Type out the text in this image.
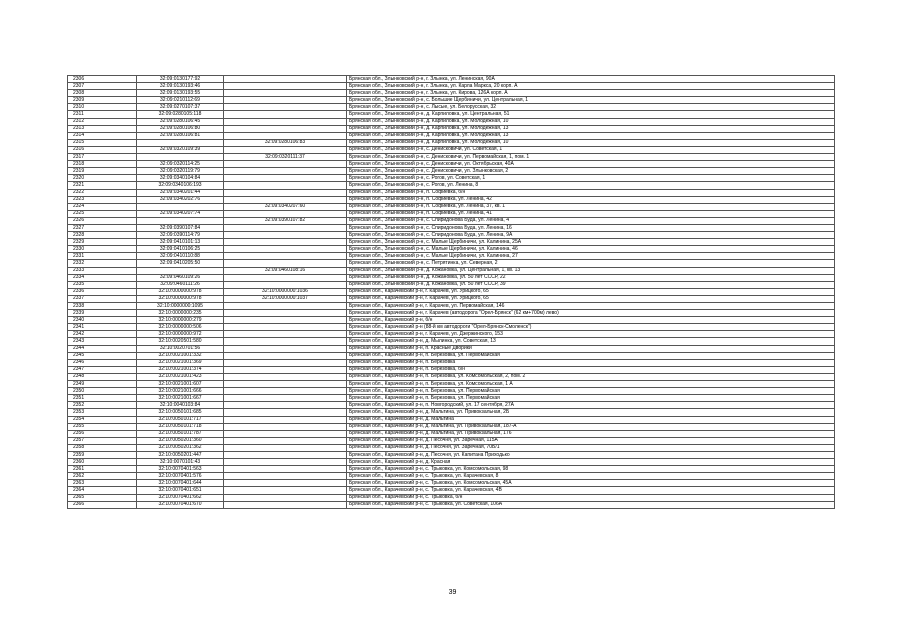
2306	32:09:0130177:92		Брянская обл., Злынковский р-н, г. Злынка, ул. Ленинская, 90А
2307	32:09:0130193:46		Брянская обл., Злынковский р-н, г. Злынка, ул. Карла Маркса, 20 корп. А
2308	32:09:0130193:55		Брянская обл., Злынковский р-н, г. Злынка, ул. Кирова, 126А корп. А
2309	32:09:0210112:69		Брянская обл., Злынковский р-н, с. Большие Щербиничи, ул. Центральная, 1
2310	32:09:0270107:37		Брянская обл., Злынковский р-н, с. Лысые, ул. Белорусская, 32
2311	32:09:0280105:118		Брянская обл., Злынковский р-н, д. Карпиловка, ул. Центральная, 51
2312	32:09:0280106:45		Брянская обл., Злынковский р-н, д. Карпиловка, ул. Молодежная, 10
2313	32:09:0280106:80		Брянская обл., Злынковский р-н, д. Карпиловка, ул. Молодежная, 13
2314	32:09:0280106:81		Брянская обл., Злынковский р-н, д. Карпиловка, ул. Молодежная, 13
2315		32:09:0280106:83	Брянская обл., Злынковский р-н, д. Карпиловка, ул. Молодежная, 10
2316	32:09:0320109:39		Брянская обл., Злынковский р-н, с. Денисковичи, ул. Советская, 1
2317		32:09:0320111:37	Брянская обл., Злынковский р-н, с. Денисковичи, ул. Первомайская, 1, пом. 1
2318	32:09:0320114:25		Брянская обл., Злынковский р-н, с. Денисковичи, ул. Октябрьская, 40А
2319	32:09:0320119:79		Брянская обл., Злынковский р-н, с. Денисковичи, ул. Злынковская, 2
2320	32:09:0340104:84		Брянская обл., Злынковский р-н, с. Рогов, ул. Советская, 1
2321	32:09:0340106:193		Брянская обл., Злынковский р-н, с. Рогов, ул. Ленина, 8
2322	32:09:0340201:44		Брянская обл., Злынковский р-н, п. Софиевка, б/н
2323	32:09:0340202:76		Брянская обл., Злынковский р-н, п. Софиевка, ул. Ленина, 42
2324		32:09:0340207:60	Брянская обл., Злынковский р-н, п. Софиевка, ул. Ленина, 37, кв. 1
2325	32:09:0340207:74		Брянская обл., Злынковский р-н, п. Софиевка, ул. Ленина, 41
2326		32:09:0390107:82	Брянская обл., Злынковский р-н, с. Спиридонова Буда, ул. Ленина, 4
2327	32:09:0390107:84		Брянская обл., Злынковский р-н, с. Спиридонова Буда, ул. Ленина, 16
2328	32:09:0390114:79		Брянская обл., Злынковский р-н, с. Спиридонова Буда, ул. Ленина, 9А
2329	32:09:0410101:13		Брянская обл., Злынковский р-н, с. Малые Щербиничи, ул. Калинина, 25А
2330	32:09:0410106:25		Брянская обл., Злынковский р-н, с. Малые Щербиничи, ул. Калинина, 46
2331	32:09:0410110:88		Брянская обл., Злынковский р-н, с. Малые Щербиничи, ул. Калинина, 27
2332	32:09:0410205:50		Брянская обл., Злынковский р-н, с. Петрятинка, ул. Северная, 2
2333		32:09:0460108:16	Брянская обл., Злынковский р-н, д. Кожановка, ул. Центральная, 1, кв. 13
2334	32:09:0460109:26		Брянская обл., Злынковский р-н, д. Кожановка, ул. 50 лет СССР, 22
2335	32:09:0460111:26		Брянская обл., Злынковский р-н, д. Кожановка, ул. 50 лет СССР, 39
2336	32:10:0000000:978	32:10:0000000:1036	Брянская обл., Карачевский р-н, г. Карачев, ул. Урицкого, 65
2337	32:10:0000000:978	32:10:0000000:1037	Брянская обл., Карачевский р-н, г. Карачев, ул. Урицкого, 65
2338	32:10:0000000:1095		Брянская обл., Карачевский р-н, г. Карачев, ул. Первомайская, 146
2339	32:10:0000000:235		Брянская обл., Карачевский р-н, г. Карачев (автодорога "Орел-Брянск" (62 км+700м) лево)
2340	32:10:0000000:279		Брянская обл., Карачевский р-н, б/н
2341	32:10:0000000:506		Брянская обл., Карачевский р-н (88-й км автодороги "Орел-Брянск-Смоленск")
2342	32:10:0000000:972		Брянская обл., Карачевский р-н, г. Карачев, ул. Дзержинского, 153
2343	32:10:0020501:580		Брянская обл., Карачевский р-н, д. Мылинка, ул. Советская, 13
2344	32:10:0020701:56		Брянская обл., Карачевский р-н, п. Красные Дворики
2345	32:10:0021001:332		Брянская обл., Карачевский р-н, п. Березовка, ул. Первомайская
2346	32:10:0021001:369		Брянская обл., Карачевский р-н, п. Березовка
2347	32:10:0021001:374		Брянская обл., Карачевский р-н, п. Березовка, б/н
2348	32:10:0021001:423		Брянская обл., Карачевский р-н, п. Березовка, ул. Комсомольская, 2, пом. 2
2349	32:10:0021001:607		Брянская обл., Карачевский р-н, п. Березовка, ул. Комсомольская, 1 А
2350	32:10:0021001:666		Брянская обл., Карачевский р-н, п. Березовка, ул. Первомайская
2351	32:10:0021001:667		Брянская обл., Карачевский р-н, п. Березовка, ул. Первомайская
2352	32:10:0040103:84		Брянская обл., Карачевский р-н, п. Новгородский, ул. 17 сентября, 27А
2353	32:10:0050101:685		Брянская обл., Карачевский р-н, д. Мальтина, ул. Привокзальная, 2Б
2354	32:10:0050101:717		Брянская обл., Карачевский р-н, д. Мальтина
2355	32:10:0050101:718		Брянская обл., Карачевский р-н, д. Мальтина, ул. Привокзальная, 187-А
2356	32:10:0050101:787		Брянская обл., Карачевский р-н, д. Мальтина, ул. Привокзальная, 176
2357	32:10:0050201:360		Брянская обл., Карачевский р-н, д. Песочня, ул. Заречная, 115А
2358	32:10:0050201:362		Брянская обл., Карачевский р-н, д. Песочня, ул. Заречная, 70Б/1
2359	32:10:0050201:447		Брянская обл., Карачевский р-н, д. Песочня, ул. Капитана Приходько
2360	32:10:0070101:43		Брянская обл., Карачевский р-н, д. Красная
2361	32:10:0070401:563		Брянская обл., Карачевский р-н, с. Трыковка, ул. Комсомольская, 98
2362	32:10:0070401:576		Брянская обл., Карачевский р-н, с. Трыковка, ул. Карачевская, 8
2363	32:10:0070401:644		Брянская обл., Карачевский р-н, с. Трыковка, ул. Комсомольская, 45А
2364	32:10:0070401:651		Брянская обл., Карачевский р-н, с. Трыковка, ул. Карачевская, 4В
2365	32:10:0070401:662		Брянская обл., Карачевский р-н, с. Трыковка, б/н
2366	32:10:0070401:670		Брянская обл., Карачевский р-н, с. Трыковка, ул. Советская, 106А
39
